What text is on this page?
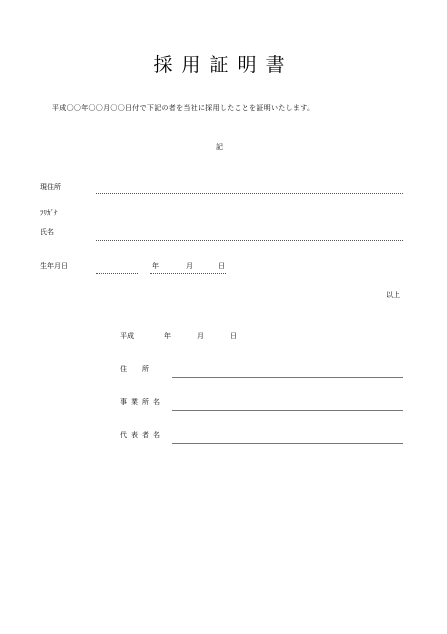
採用証明書
平成〇〇年〇〇月〇〇日付で下記の者を当社に採用したことを証明いたします。
記
現住所
ﾌﾘｶﾞﾅ
氏名
生年月日	年	月	日
以上
平成	年	月	日
住　所
事業所名
代表者名
